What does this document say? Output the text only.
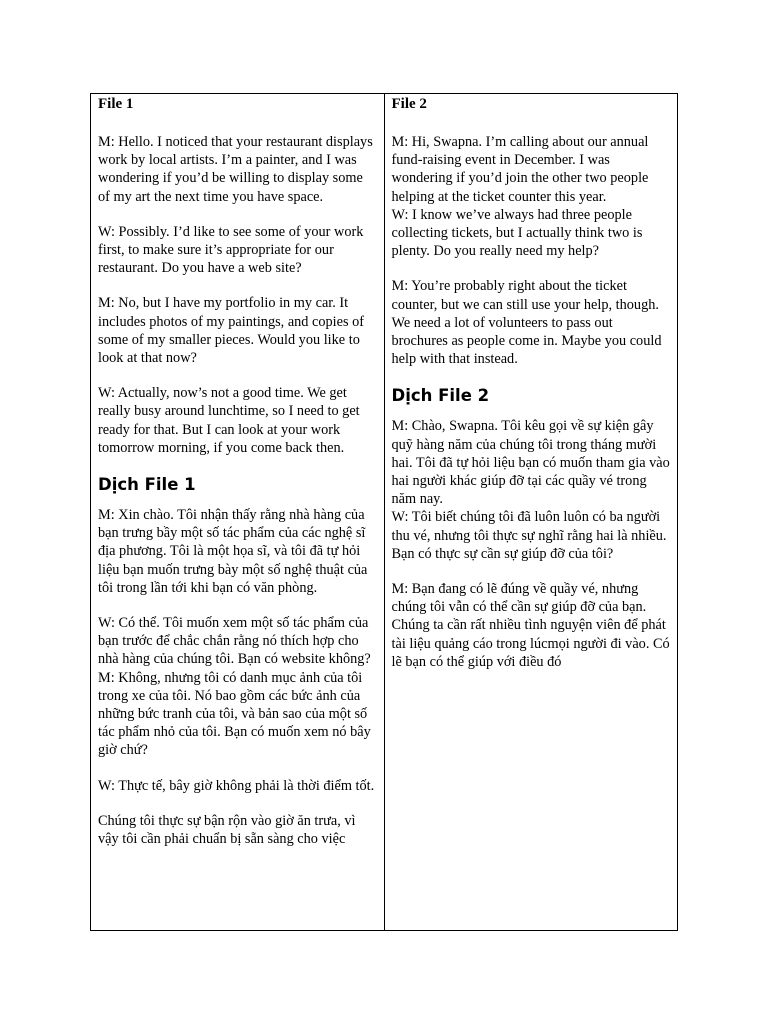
File 1

M: Hello. I noticed that your restaurant displays work by local artists. I’m a painter, and I was wondering if you’d be willing to display some of my art the next time you have space.

W: Possibly. I’d like to see some of your work first, to make sure it’s appropriate for our restaurant. Do you have a web site?

M: No, but I have my portfolio in my car. It includes photos of my paintings, and copies of some of my smaller pieces. Would you like to look at that now?

W: Actually, now’s not a good time. We get really busy around lunchtime, so I need to get ready for that. But I can look at your work tomorrow morning, if you come back then.

Dịch File 1

M: Xin chào. Tôi nhận thấy rằng nhà hàng của bạn trưng bầy một số tác phẩm của các nghệ sĩ địa phương. Tôi là một họa sĩ, và tôi đã tự hỏi liệu bạn muốn trưng bày một số nghệ thuật của tôi trong lần tới khi bạn có văn phòng.

W: Có thể. Tôi muốn xem một số tác phẩm của bạn trước để chắc chắn rằng nó thích hợp cho nhà hàng của chúng tôi. Bạn có website không?

M: Không, nhưng tôi có danh mục ảnh của tôi trong xe của tôi. Nó bao gồm các bức ảnh của những bức tranh của tôi, và bản sao của một số tác phẩm nhỏ của tôi. Bạn có muốn xem nó bây giờ chứ?

W: Thực tế, bây giờ không phải là thời điểm tốt.

Chúng tôi thực sự bận rộn vào giờ ăn trưa, vì vậy tôi cần phải chuẩn bị sẵn sàng cho việc

File 2

M: Hi, Swapna. I’m calling about our annual fund-raising event in December. I was wondering if you’d join the other two people helping at the ticket counter this year.

W: I know we’ve always had three people collecting tickets, but I actually think two is plenty. Do you really need my help?

M: You’re probably right about the ticket counter, but we can still use your help, though. We need a lot of volunteers to pass out brochures as people come in. Maybe you could help with that instead.

Dịch File 2

M: Chào, Swapna. Tôi kêu gọi về sự kiện gây quỹ hàng năm của chúng tôi trong tháng mười hai. Tôi đã tự hỏi liệu bạn có muốn tham gia vào hai người khác giúp đỡ tại các quầy vé trong năm nay.

W: Tôi biết chúng tôi đã luôn luôn có ba người thu vé, nhưng tôi thực sự nghĩ rằng hai là nhiều. Bạn có thực sự cần sự giúp đỡ của tôi?

M: Bạn đang có lẽ đúng về quầy vé, nhưng chúng tôi vẫn có thể cần sự giúp đỡ của bạn. Chúng ta cần rất nhiều tình nguyện viên để phát tài liệu quảng cáo trong lúcmọi người đi vào. Có lẽ bạn có thể giúp với điều đó
